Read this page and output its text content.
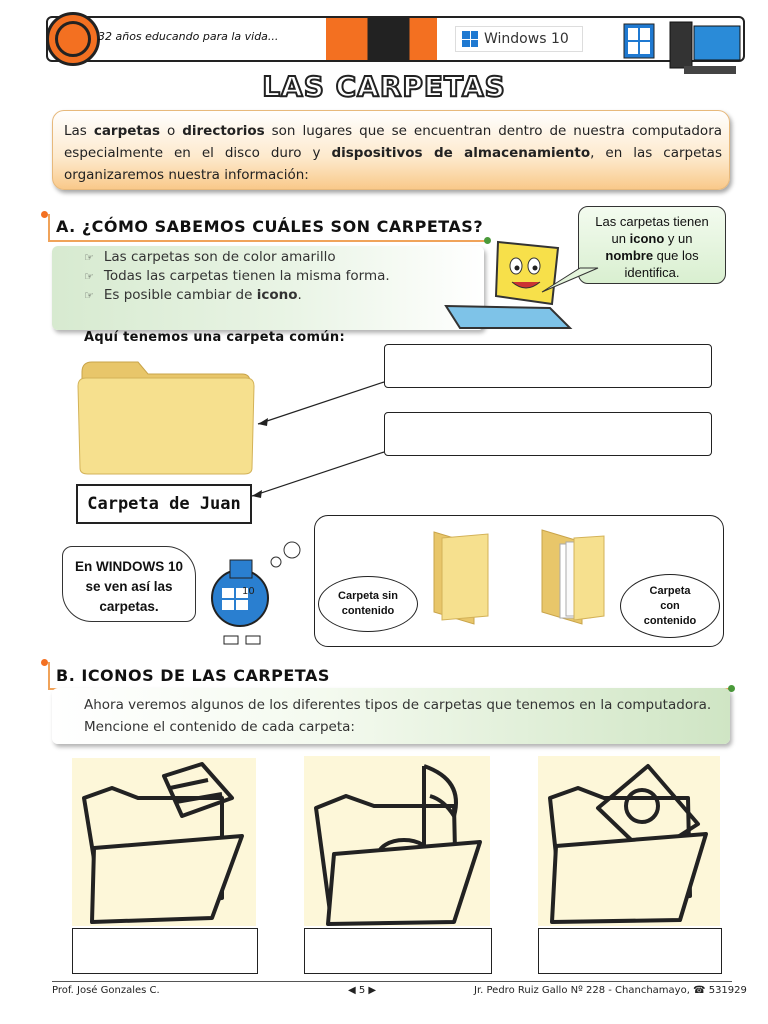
32 años educando para la vida...	Windows 10
LAS CARPETAS
Las carpetas o directorios son lugares que se encuentran dentro de nuestra computadora especialmente en el disco duro y dispositivos de almacenamiento, en las carpetas organizaremos nuestra información:
A. ¿CÓMO SABEMOS CUÁLES SON CARPETAS?
☞ Las carpetas son de color amarillo
☞ Todas las carpetas tienen la misma forma.
☞ Es posible cambiar de icono.
Las carpetas tienen
un icono y un
nombre que los
identifica.
Aquí tenemos una carpeta común:
Carpeta de Juan
En WINDOWS 10
se ven así las
carpetas.
10	Carpeta sin
contenido
Carpeta
con
contenido
B. ICONOS DE LAS CARPETAS
Ahora veremos algunos de los diferentes tipos de carpetas que tenemos en la computadora.
Mencione el contenido de cada carpeta:
Prof. José Gonzales C.	◀ 5 ▶	Jr. Pedro Ruiz Gallo Nº 228 - Chanchamayo, ☎ 531929
